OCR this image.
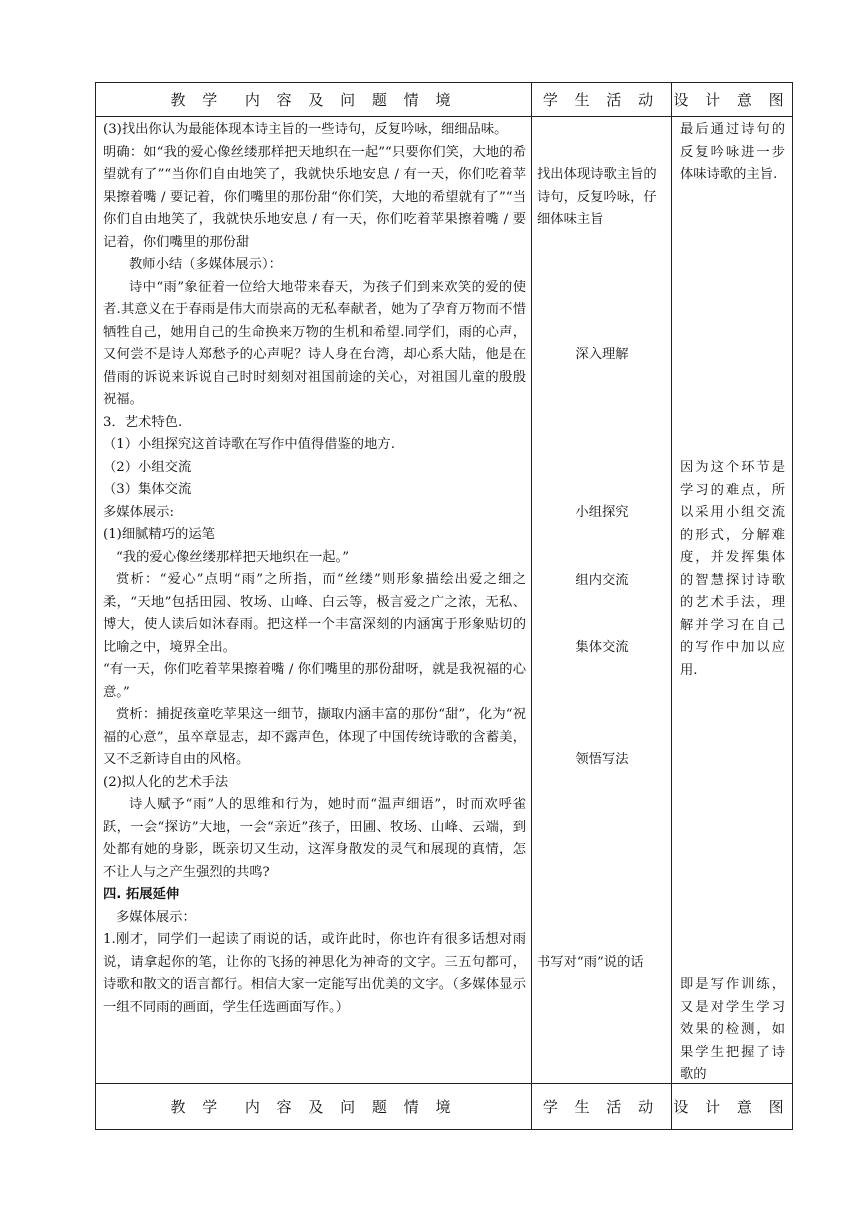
教 学  内 容 及 问 题 情 境	学 生 活 动 设 计 意 图

(3)找出你认为最能体现本诗主旨的一些诗句，反复吟咏，细细品味。

明确：如“我的爱心像丝缕那样把天地织在一起”“只要你们笑，大地的希望就有了”“当你们自由地笑了，我就快乐地安息 / 有一天，你们吃着苹果擦着嘴 / 要记着，你们嘴里的那份甜“你们笑，大地的希望就有了”“当你们自由地笑了，我就快乐地安息 / 有一天，你们吃着苹果擦着嘴 / 要记着，你们嘴里的那份甜

教师小结（多媒体展示）：

诗中“雨”象征着一位给大地带来春天，为孩子们到来欢笑的爱的使者.其意义在于春雨是伟大而崇高的无私奉献者，她为了孕育万物而不惜牺牲自己，她用自己的生命换来万物的生机和希望.同学们，雨的心声，又何尝不是诗人郑愁予的心声呢？诗人身在台湾，却心系大陆，他是在借雨的诉说来诉说自己时时刻刻对祖国前途的关心，对祖国儿童的殷殷祝福。

3．艺术特色.

（1）小组探究这首诗歌在写作中值得借鉴的地方.

（2）小组交流

（3）集体交流

多媒体展示:

(1)细腻精巧的运笔

“我的爱心像丝缕那样把天地织在一起。”

赏析：“爱心”点明“雨”之所指，而“丝缕”则形象描绘出爱之细之柔，“天地”包括田园、牧场、山峰、白云等，极言爱之广之浓，无私、博大，使人读后如沐春雨。把这样一个丰富深刻的内涵寓于形象贴切的比喻之中，境界全出。

“有一天，你们吃着苹果擦着嘴 / 你们嘴里的那份甜呀，就是我祝福的心意。”

赏析：捕捉孩童吃苹果这一细节，撷取内涵丰富的那份“甜”，化为“祝福的心意”，虽卒章显志，却不露声色，体现了中国传统诗歌的含蓄美，又不乏新诗自由的风格。

(2)拟人化的艺术手法

诗人赋予“雨”人的思维和行为，她时而“温声细语”，时而欢呼雀跃，一会“探访”大地，一会“亲近”孩子，田圃、牧场、山峰、云端，到处都有她的身影，既亲切又生动，这浑身散发的灵气和展现的真情，怎不让人与之产生强烈的共鸣?

四. 拓展延伸

多媒体展示：

1.刚才，同学们一起读了雨说的话，或许此时，你也许有很多话想对雨说，请拿起你的笔，让你的飞扬的神思化为神奇的文字。三五句都可，诗歌和散文的语言都行。相信大家一定能写出优美的文字。（多媒体显示一组不同雨的画面，学生任选画面写作。）

找出体现诗歌主旨的诗句，反复吟咏，仔细体味主旨
深入理解
小组探究
组内交流
集体交流
领悟写法
书写对“雨”说的话
最后通过诗句的反复吟咏进一步体味诗歌的主旨.
因为这个环节是学习的难点，所以采用小组交流的形式，分解难度，并发挥集体的智慧探讨诗歌的艺术手法，理解并学习在自己的写作中加以应用.
即是写作训练，又是对学生学习效果的检测，如果学生把握了诗歌的
教 学  内 容 及 问 题 情 境	学 生 活 动 设 计 意 图
